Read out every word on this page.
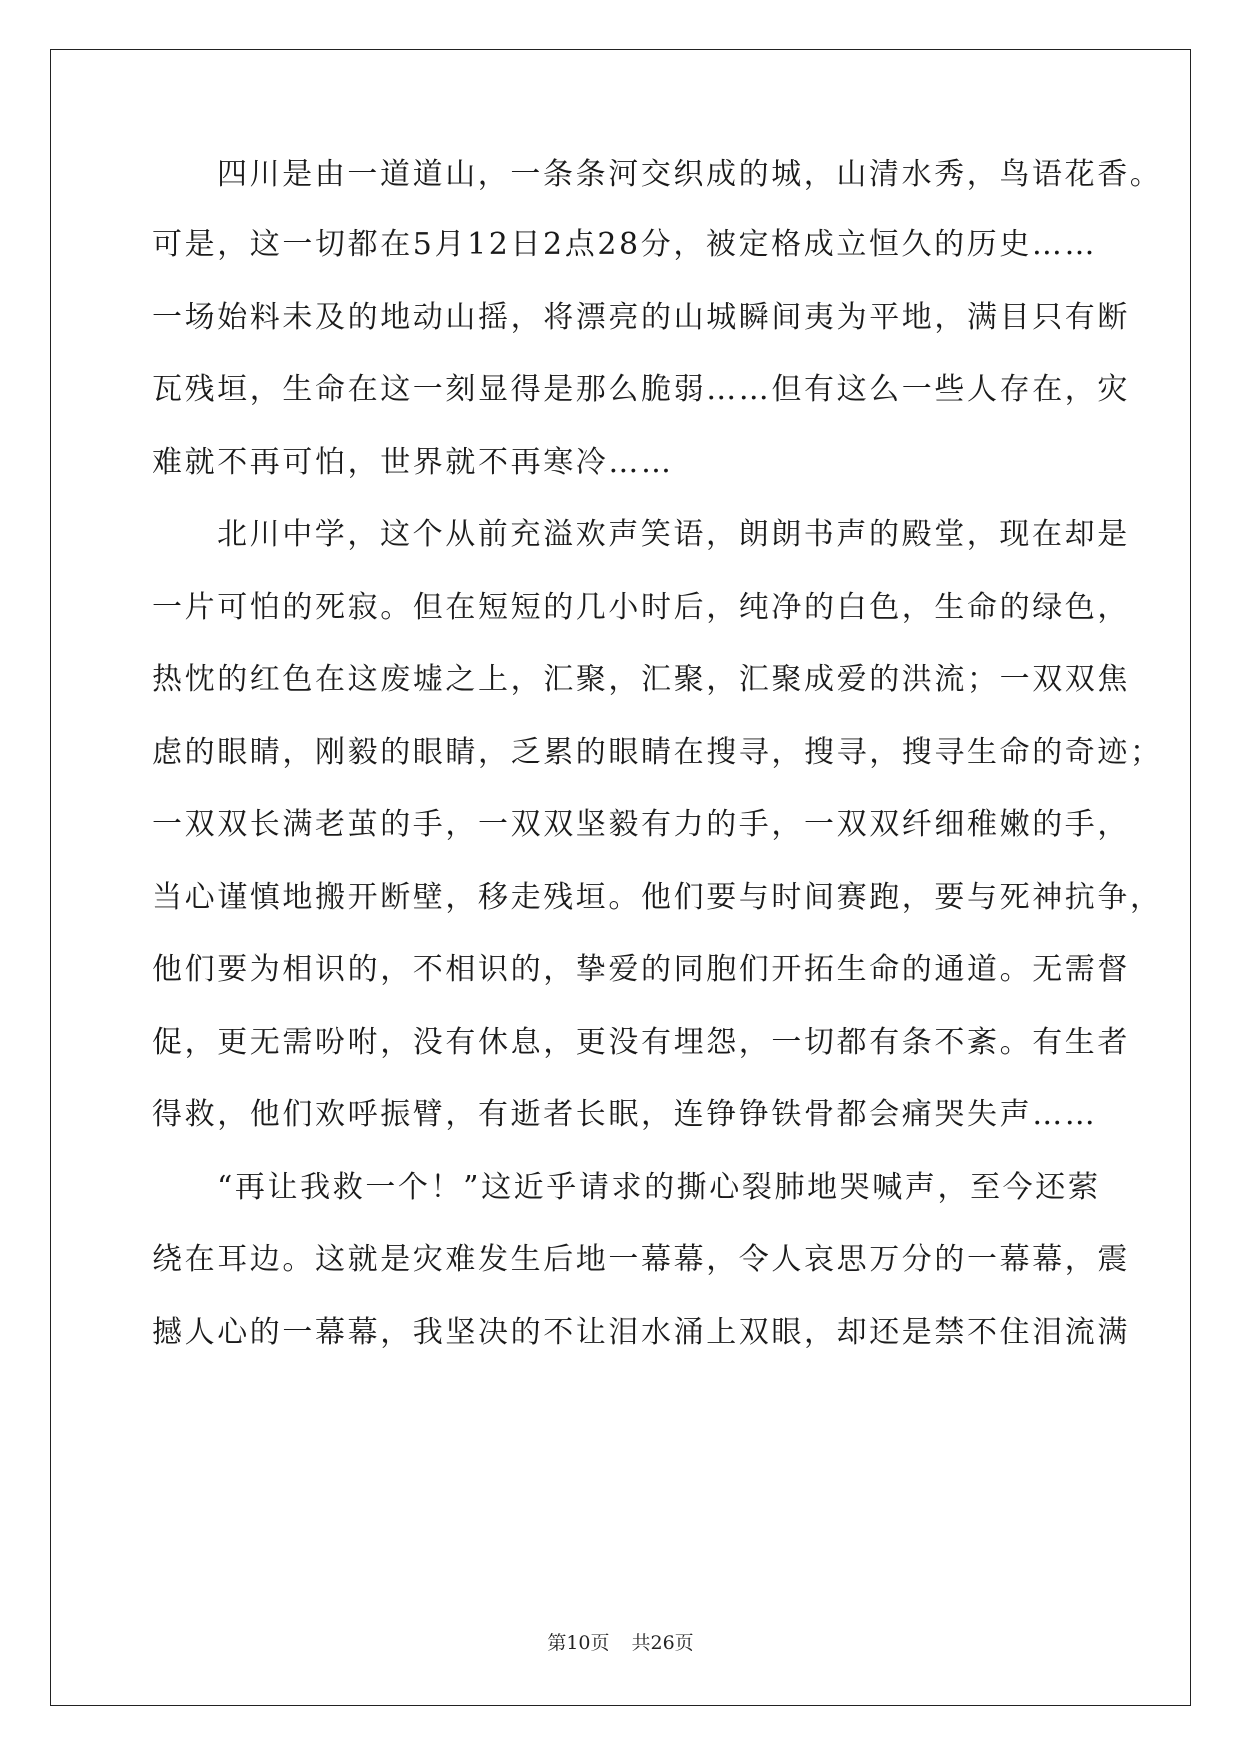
四川是由一道道山，一条条河交织成的城，山清水秀，鸟语花香。

可是，这一切都在5月12日2点28分，被定格成立恒久的历史……

一场始料未及的地动山摇，将漂亮的山城瞬间夷为平地，满目只有断

瓦残垣，生命在这一刻显得是那么脆弱……但有这么一些人存在，灾

难就不再可怕，世界就不再寒冷……

北川中学，这个从前充溢欢声笑语，朗朗书声的殿堂，现在却是

一片可怕的死寂。但在短短的几小时后，纯净的白色，生命的绿色，

热忱的红色在这废墟之上，汇聚，汇聚，汇聚成爱的洪流；一双双焦

虑的眼睛，刚毅的眼睛，乏累的眼睛在搜寻，搜寻，搜寻生命的奇迹；

一双双长满老茧的手，一双双坚毅有力的手，一双双纤细稚嫩的手，

当心谨慎地搬开断壁，移走残垣。他们要与时间赛跑，要与死神抗争，

他们要为相识的，不相识的，挚爱的同胞们开拓生命的通道。无需督

促，更无需吩咐，没有休息，更没有埋怨，一切都有条不紊。有生者

得救，他们欢呼振臂，有逝者长眠，连铮铮铁骨都会痛哭失声……

“再让我救一个！”这近乎请求的撕心裂肺地哭喊声，至今还萦

绕在耳边。这就是灾难发生后地一幕幕，令人哀思万分的一幕幕，震

撼人心的一幕幕，我坚决的不让泪水涌上双眼，却还是禁不住泪流满

第10页 共26页
